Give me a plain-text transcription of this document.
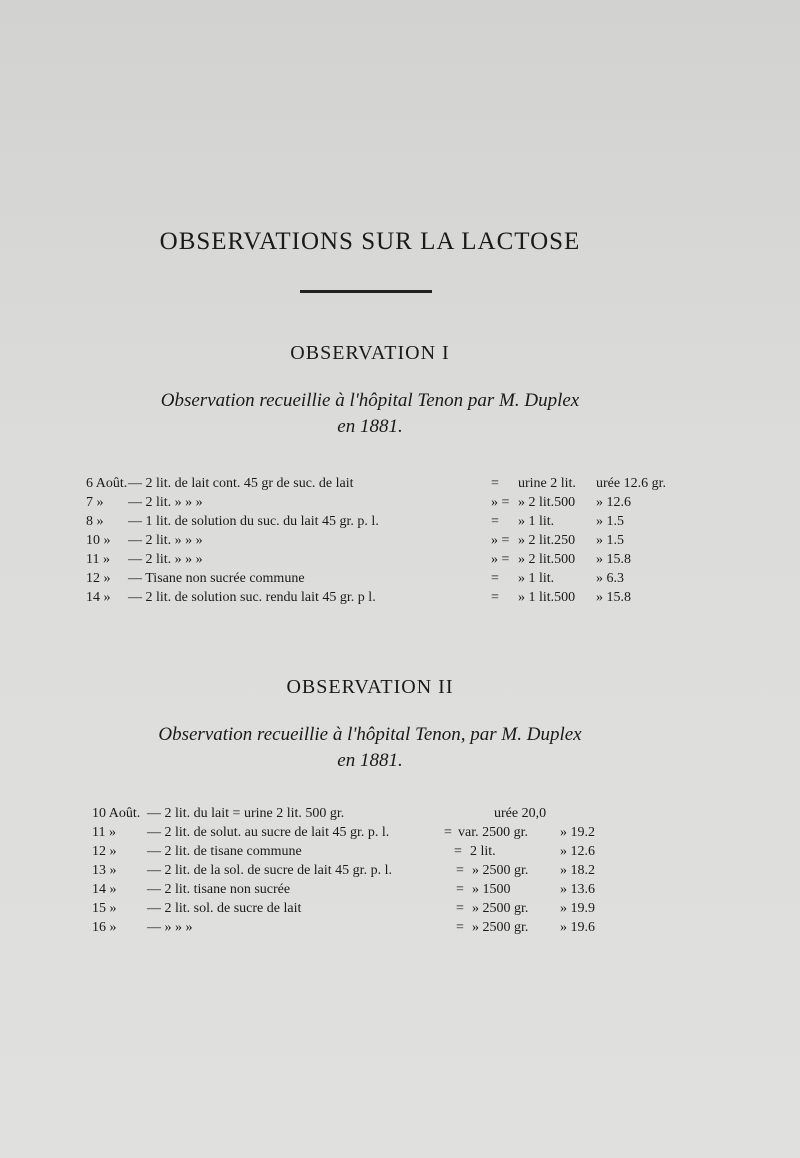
OBSERVATIONS SUR LA LACTOSE
OBSERVATION I
Observation recueillie à l'hôpital Tenon par M. Duplex
en 1881.
6 Août. — 2 lit. de lait cont. 45 gr de suc. de lait	= urine 2 lit. urée 12.6 gr.
7 » — 2 lit. » » »	» = » 2 lit.500 » 12.6
8 » — 1 lit. de solution du suc. du lait 45 gr. p. l.	= » 1 lit.	» 1.5
10 » — 2 lit. » » »	» = » 2 lit.250 » 1.5
11 » — 2 lit. » » »	» = » 2 lit.500 » 15.8
12 » — Tisane non sucrée commune	= » 1 lit.	» 6.3
14 » — 2 lit. de solution suc. rendu lait 45 gr. p l.	= » 1 lit.500 » 15.8
OBSERVATION II
Observation recueillie à l'hôpital Tenon, par M. Duplex
en 1881.
10 Août. — 2 lit. du lait = urine 2 lit. 500 gr.	urée 20,0
11 » — 2 lit. de solut. au sucre de lait 45 gr. p. l.	= var. 2500 gr. » 19.2
12 » — 2 lit. de tisane commune	= 2 lit.	» 12.6
13 » — 2 lit. de la sol. de sucre de lait 45 gr. p. l.	= » 2500 gr. » 18.2
14 » — 2 lit. tisane non sucrée	= » 1500	» 13.6
15 » — 2 lit. sol. de sucre de lait	= » 2500 gr. » 19.9
16 » — » » »	= » 2500 gr. » 19.6
